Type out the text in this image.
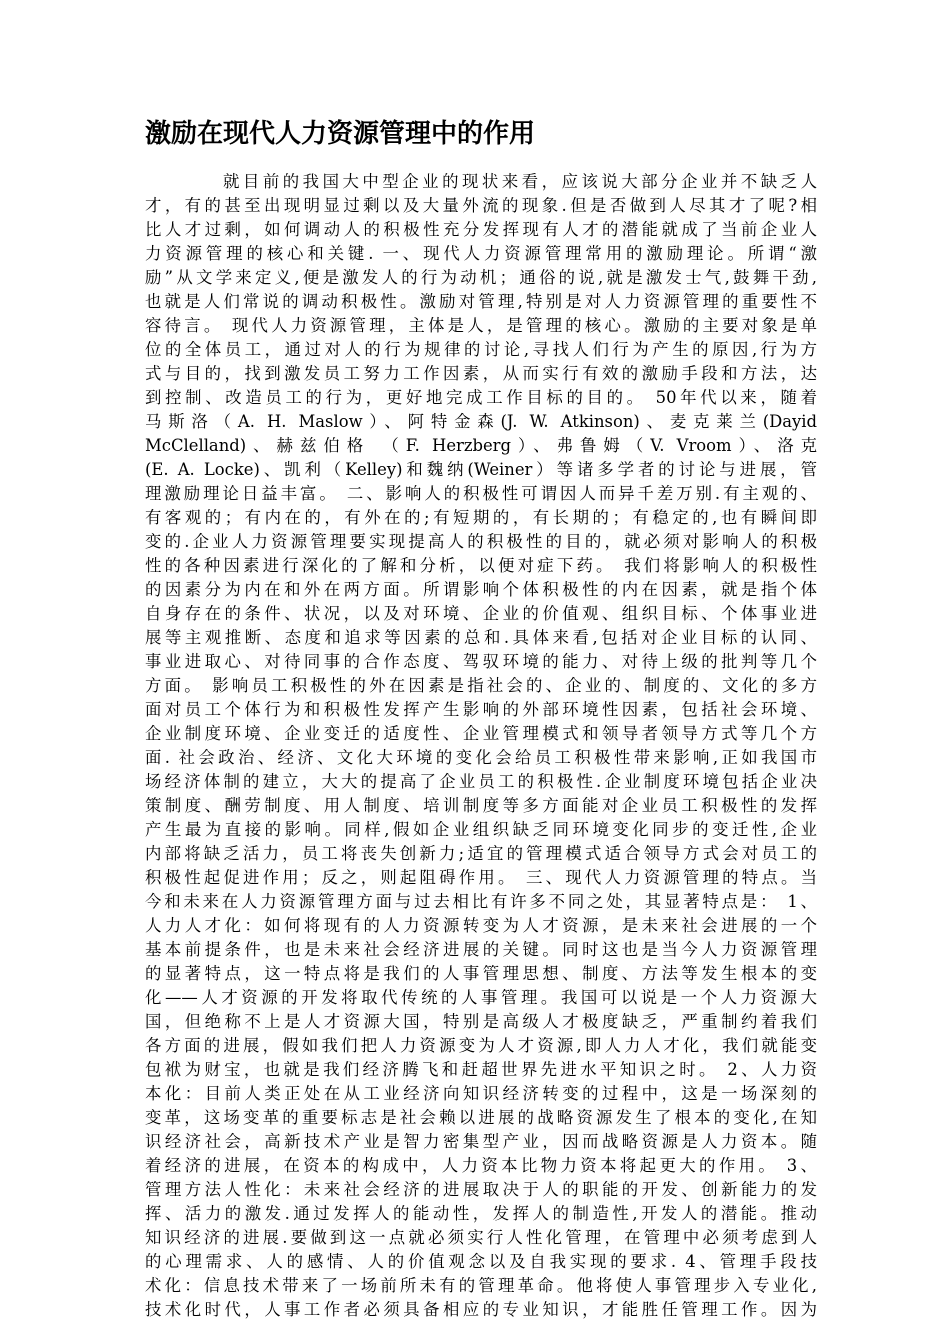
激励在现代人力资源管理中的作用
就目前的我国大中型企业的现状来看，应该说大部分企业并不缺乏人
才，有的甚至出现明显过剩以及大量外流的现象.但是否做到人尽其才了呢?相
比人才过剩，如何调动人的积极性充分发挥现有人才的潜能就成了当前企业人
力资源管理的核心和关键. 一、现代人力资源管理常用的激励理论。所谓“激
励”从文学来定义,便是激发人的行为动机；通俗的说,就是激发士气,鼓舞干劲,
也就是人们常说的调动积极性。激励对管理,特别是对人力资源管理的重要性不
容待言。 现代人力资源管理，主体是人，是管理的核心。激励的主要对象是单
位的全体员工，通过对人的行为规律的讨论,寻找人们行为产生的原因,行为方
式与目的，找到激发员工努力工作因素，从而实行有效的激励手段和方法，达
到控制、改造员工的行为，更好地完成工作目标的目的。 50年代以来，随着
马斯洛（A. H. Maslow）、阿特金森(J. W. Atkinson)、麦克莱兰(Dayid
McClelland)、赫兹伯格 （F. Herzberg）、弗鲁姆（V. Vroom）、洛克
(E. A. Locke)、凯利（Kelley)和魏纳(Weiner）等诸多学者的讨论与进展，管
理激励理论日益丰富。 二、影响人的积极性可谓因人而异千差万别.有主观的、
有客观的；有内在的，有外在的;有短期的，有长期的；有稳定的,也有瞬间即
变的.企业人力资源管理要实现提高人的积极性的目的，就必须对影响人的积极
性的各种因素进行深化的了解和分析，以便对症下药。 我们将影响人的积极性
的因素分为内在和外在两方面。所谓影响个体积极性的内在因素，就是指个体
自身存在的条件、状况，以及对环境、企业的价值观、组织目标、个体事业进
展等主观推断、态度和追求等因素的总和.具体来看,包括对企业目标的认同、
事业进取心、对待同事的合作态度、驾驭环境的能力、对待上级的批判等几个
方面。 影响员工积极性的外在因素是指社会的、企业的、制度的、文化的多方
面对员工个体行为和积极性发挥产生影响的外部环境性因素，包括社会环境、
企业制度环境、企业变迁的适度性、企业管理模式和领导者领导方式等几个方
面. 社会政治、经济、文化大环境的变化会给员工积极性带来影响,正如我国市
场经济体制的建立，大大的提高了企业员工的积极性.企业制度环境包括企业决
策制度、酬劳制度、用人制度、培训制度等多方面能对企业员工积极性的发挥
产生最为直接的影响。同样,假如企业组织缺乏同环境变化同步的变迁性,企业
内部将缺乏活力，员工将丧失创新力;适宜的管理模式适合领导方式会对员工的
积极性起促进作用；反之，则起阻碍作用。 三、现代人力资源管理的特点。当
今和未来在人力资源管理方面与过去相比有许多不同之处，其显著特点是： 1、
人力人才化：如何将现有的人力资源转变为人才资源，是未来社会进展的一个
基本前提条件，也是未来社会经济进展的关键。同时这也是当今人力资源管理
的显著特点，这一特点将是我们的人事管理思想、制度、方法等发生根本的变
化——人才资源的开发将取代传统的人事管理。我国可以说是一个人力资源大
国，但绝称不上是人才资源大国，特别是高级人才极度缺乏，严重制约着我们
各方面的进展，假如我们把人力资源变为人才资源,即人力人才化，我们就能变
包袱为财宝，也就是我们经济腾飞和赶超世界先进水平知识之时。 2、人力资
本化：目前人类正处在从工业经济向知识经济转变的过程中，这是一场深刻的
变革，这场变革的重要标志是社会赖以进展的战略资源发生了根本的变化,在知
识经济社会，高新技术产业是智力密集型产业，因而战略资源是人力资本。随
着经济的进展，在资本的构成中，人力资本比物力资本将起更大的作用。 3、
管理方法人性化：未来社会经济的进展取决于人的职能的开发、创新能力的发
挥、活力的激发.通过发挥人的能动性，发挥人的制造性,开发人的潜能。推动
知识经济的进展.要做到这一点就必须实行人性化管理，在管理中必须考虑到人
的心理需求、人的感情、人的价值观念以及自我实现的要求. 4、管理手段技
术化：信息技术带来了一场前所未有的管理革命。他将使人事管理步入专业化,
技术化时代，人事工作者必须具备相应的专业知识，才能胜任管理工作。因为
